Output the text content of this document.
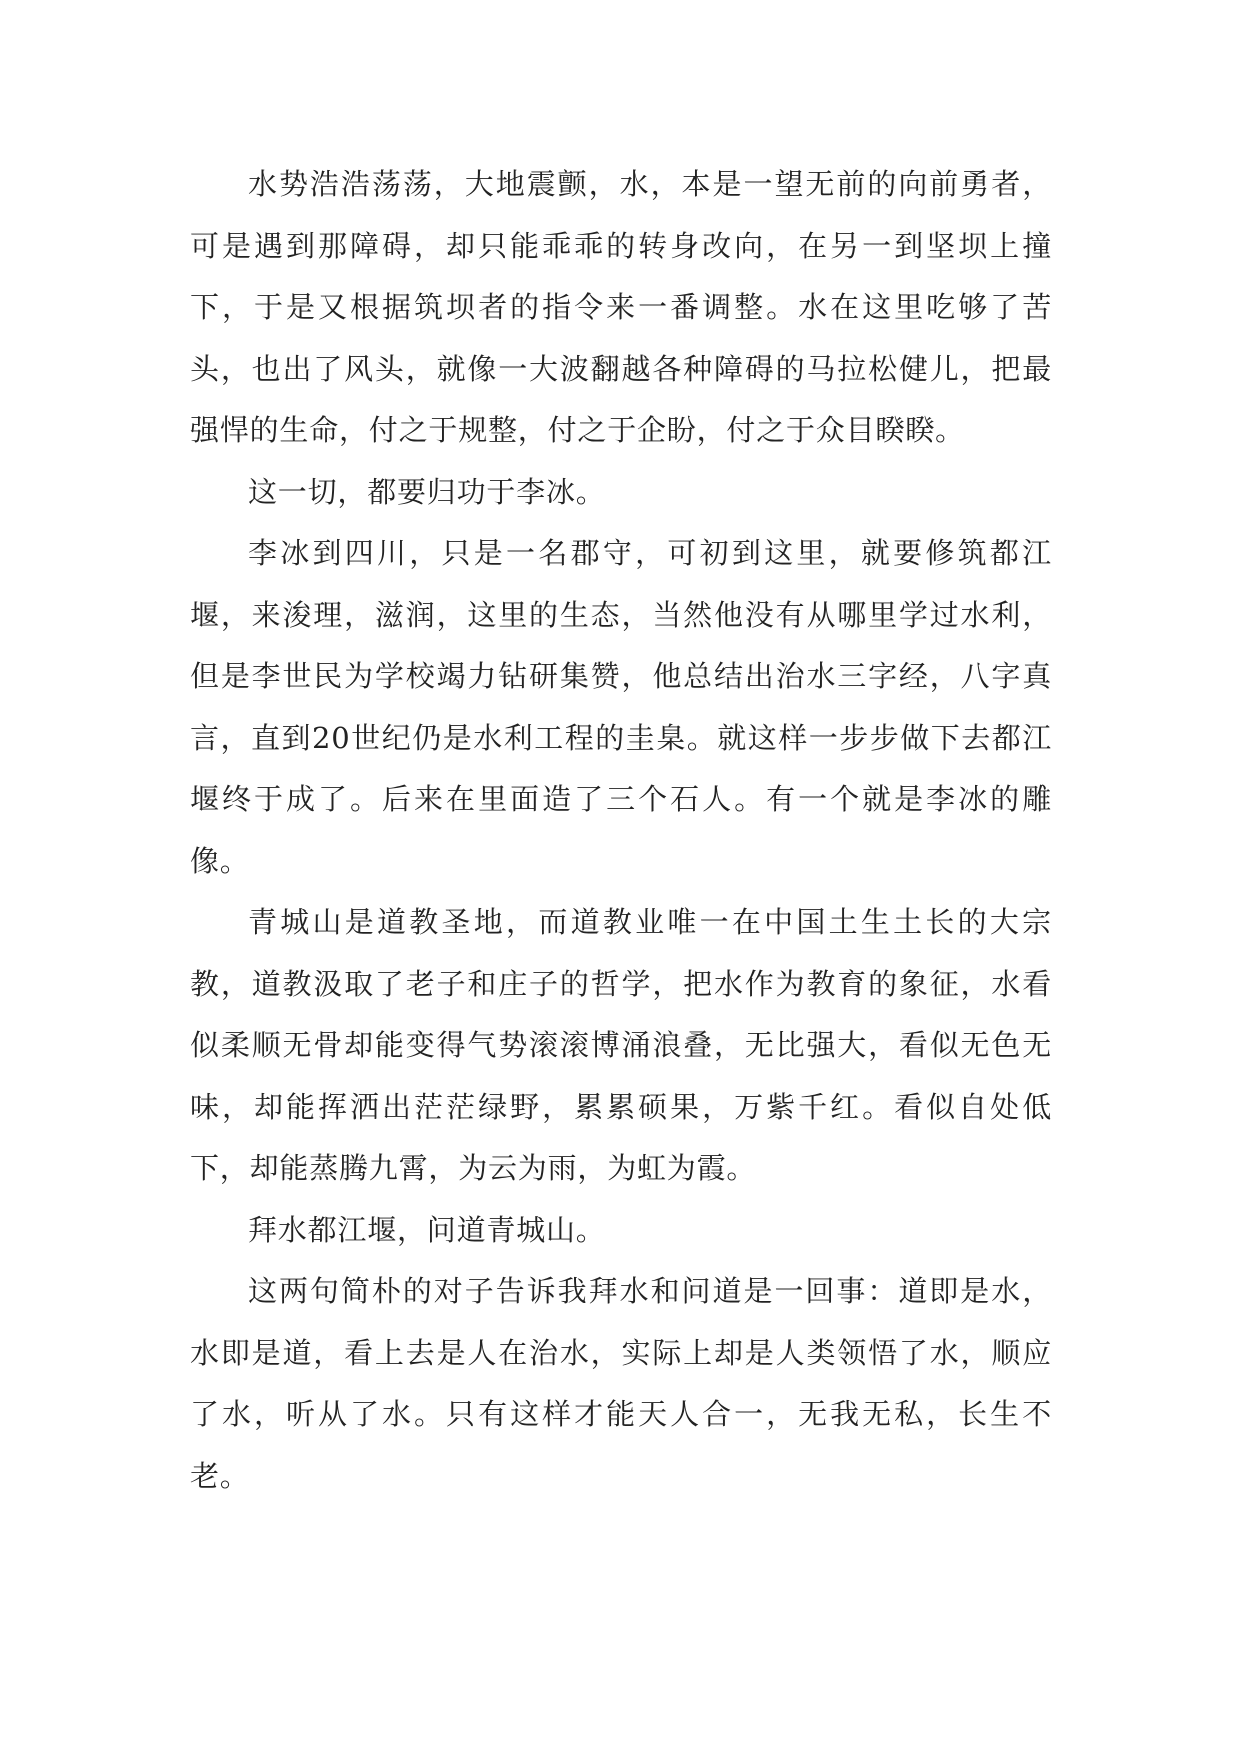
水势浩浩荡荡，大地震颤，水，本是一望无前的向前勇者，可是遇到那障碍，却只能乖乖的转身改向，在另一到坚坝上撞下，于是又根据筑坝者的指令来一番调整。水在这里吃够了苦头，也出了风头，就像一大波翻越各种障碍的马拉松健儿，把最强悍的生命，付之于规整，付之于企盼，付之于众目睽睽。

这一切，都要归功于李冰。

李冰到四川，只是一名郡守，可初到这里，就要修筑都江堰，来浚理，滋润，这里的生态，当然他没有从哪里学过水利，但是李世民为学校竭力钻研集赞，他总结出治水三字经，八字真言，直到20世纪仍是水利工程的圭臬。就这样一步步做下去都江堰终于成了。后来在里面造了三个石人。有一个就是李冰的雕像。

青城山是道教圣地，而道教业唯一在中国土生土长的大宗教，道教汲取了老子和庄子的哲学，把水作为教育的象征，水看似柔顺无骨却能变得气势滚滚博涌浪叠，无比强大，看似无色无味，却能挥洒出茫茫绿野，累累硕果，万紫千红。看似自处低下，却能蒸腾九霄，为云为雨，为虹为霞。

拜水都江堰，问道青城山。

这两句简朴的对子告诉我拜水和问道是一回事：道即是水，水即是道，看上去是人在治水，实际上却是人类领悟了水，顺应了水，听从了水。只有这样才能天人合一，无我无私，长生不老。
